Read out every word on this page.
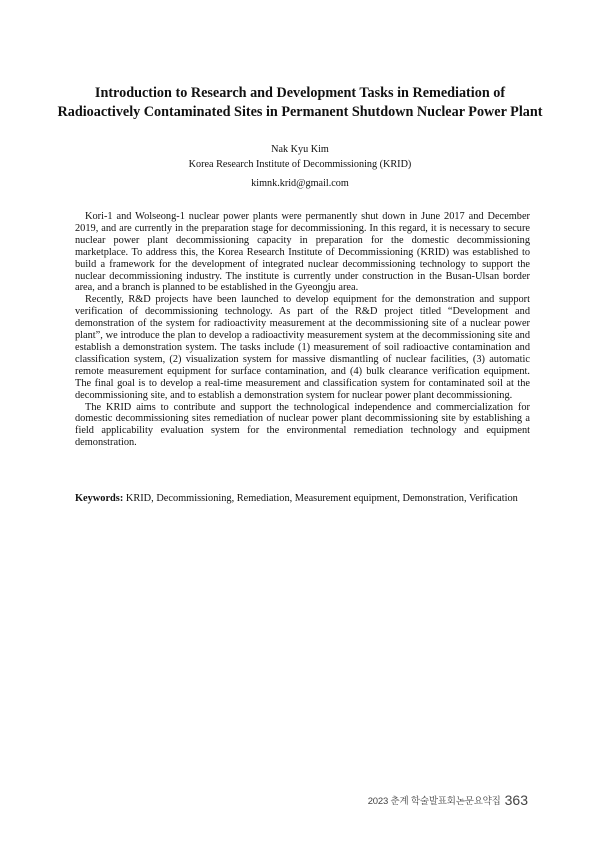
Introduction to Research and Development Tasks in Remediation of
Radioactively Contaminated Sites in Permanent Shutdown Nuclear Power Plant
Nak Kyu Kim
Korea Research Institute of Decommissioning (KRID)
kimnk.krid@gmail.com

Kori-1 and Wolseong-1 nuclear power plants were permanently shut down in June 2017 and December 2019, and are currently in the preparation stage for decommissioning. In this regard, it is necessary to secure nuclear power plant decommissioning capacity in preparation for the domestic decommissioning marketplace. To address this, the Korea Research Institute of Decommissioning (KRID) was established to build a framework for the development of integrated nuclear decommissioning technology to support the nuclear decommissioning industry. The institute is currently under construction in the Busan-Ulsan border area, and a branch is planned to be established in the Gyeongju area.

Recently, R&D projects have been launched to develop equipment for the demonstration and support verification of decommissioning technology. As part of the R&D project titled “Development and demonstration of the system for radioactivity measurement at the decommissioning site of a nuclear power plant”, we introduce the plan to develop a radioactivity measurement system at the decommissioning site and establish a demonstration system. The tasks include (1) measurement of soil radioactive contamination and classification system, (2) visualization system for massive dismantling of nuclear facilities, (3) automatic remote measurement equipment for surface contamination, and (4) bulk clearance verification equipment. The final goal is to develop a real-time measurement and classification system for contaminated soil at the decommissioning site, and to establish a demonstration system for nuclear power plant decommissioning.

The KRID aims to contribute and support the technological independence and commercialization for domestic decommissioning sites remediation of nuclear power plant decommissioning site by establishing a field applicability evaluation system for the environmental remediation technology and equipment demonstration.

Keywords: KRID, Decommissioning, Remediation, Measurement equipment, Demonstration, Verification
2023 춘계 학술발표회논문요약집 363
